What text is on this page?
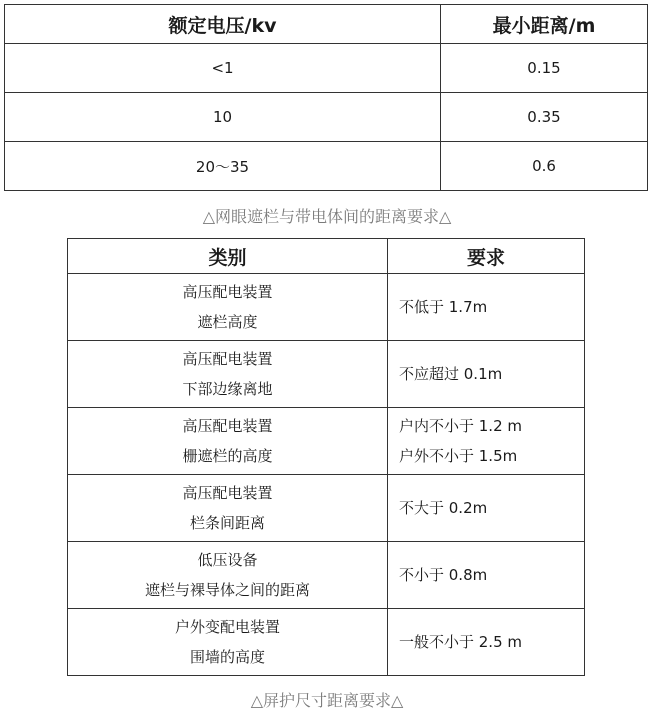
额定电压/kv	最小距离/m
<1	0.15
10	0.35
20～35	0.6
△网眼遮栏与带电体间的距离要求△
类别	要求

高压配电装置
遮栏高度	不低于 1.7m

高压配电装置
下部边缘离地	不应超过 0.1m

高压配电装置
栅遮栏的高度	户内不小于 1.2 m
户外不小于 1.5m

高压配电装置
栏条间距离	不大于 0.2m

低压设备
遮栏与裸导体之间的距离	不小于 0.8m

户外变配电装置
围墙的高度	一般不小于 2.5 m
△屏护尺寸距离要求△
